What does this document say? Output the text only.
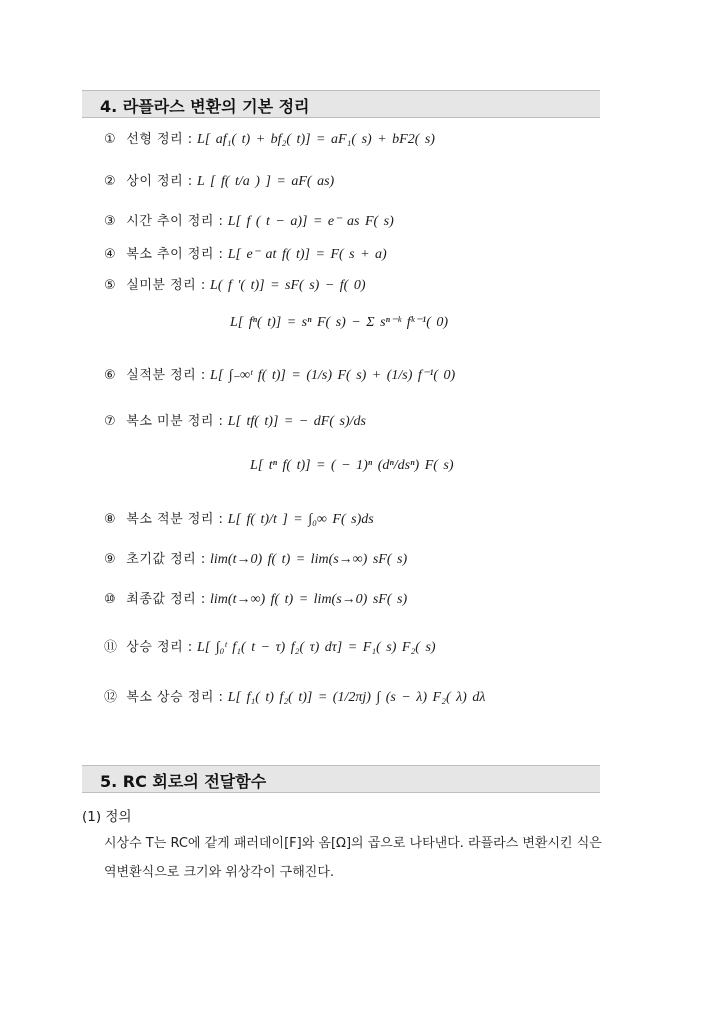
4. 라플라스 변환의 기본 정리
① 선형 정리 : L[ af₁( t) + bf₂( t)] = aF₁( s) + bF2( s)
② 상이 정리 : L [ f( t/a ) ] = aF( as)
③ 시간 추이 정리 : L[ f ( t − a)] = e⁻ as F( s)
④ 복소 추이 정리 : L[ e⁻ at f( t)] = F( s + a)
⑤ 실미분 정리 : L( f ′( t)] = sF( s) − f( 0)
L[ fⁿ( t)] = sⁿ F( s) − Σ sⁿ⁻ᵏ fᵏ⁻¹( 0)
⑥ 실적분 정리 : L[ ∫₋∞ᵗ f( t)] = (1/s) F( s) + (1/s) f⁻¹( 0)
⑦ 복소 미분 정리 : L[ tf( t)] = − dF( s)/ds
L[ tⁿ f( t)] = ( − 1)ⁿ (dⁿ/dsⁿ) F( s)
⑧ 복소 적분 정리 : L[ f( t)/t ] = ∫₀∞ F( s)ds
⑨ 초기값 정리 : lim(t→0) f( t) = lim(s→∞) sF( s)
⑩ 최종값 정리 : lim(t→∞) f( t) = lim(s→0) sF( s)
⑪ 상승 정리 : L[ ∫₀ᵗ f₁( t − τ) f₂( τ) dτ] = F₁( s) F₂( s)
⑫ 복소 상승 정리 : L[ f₁( t) f₂( t)] = (1/2πj) ∫ (s − λ) F₂( λ) dλ
5. RC 회로의 전달함수
(1) 정의
시상수 T는 RC에 같게 패러데이[F]와 옴[Ω]의 곱으로 나타낸다. 라플라스 변환시킨 식은 역변환식으로 크기와 위상각이 구해진다.
